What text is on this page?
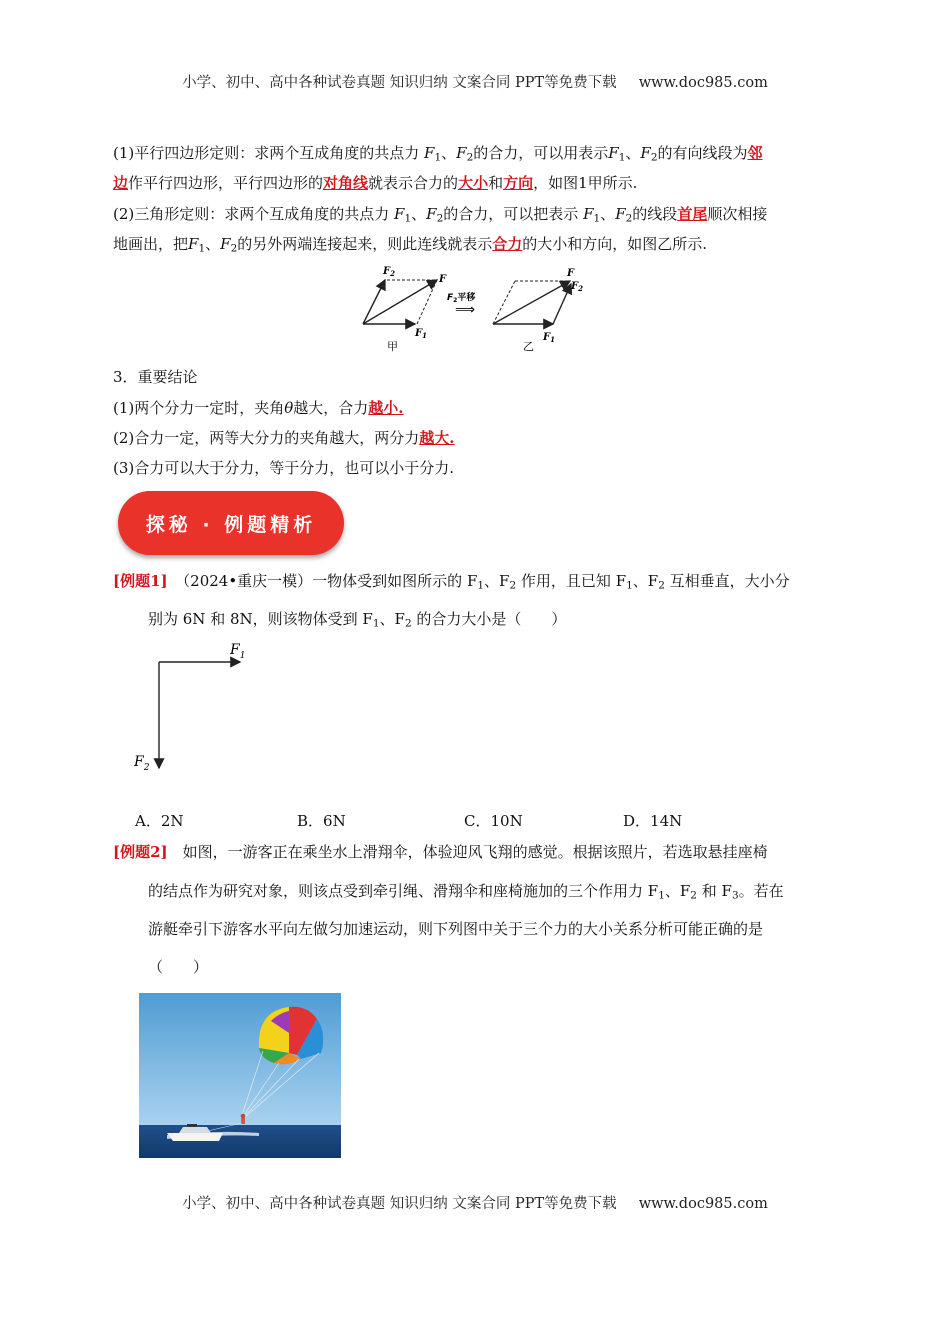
小学、初中、高中各种试卷真题 知识归纳 文案合同 PPT等免费下载 www.doc985.com
(1)平行四边形定则：求两个互成角度的共点力 $F_1$、$F_2$的合力，可以用表示$F_1$、$F_2$的有向线段为邻
边作平行四边形，平行四边形的对角线就表示合力的大小和方向，如图1甲所示.
(2)三角形定则：求两个互成角度的共点力 $F_1$、$F_2$的合力，可以把表示 $F_1$、$F_2$的线段首尾顺次相接
地画出，把$F_1$、$F_2$的另外两端连接起来，则此连线就表示合力的大小和方向，如图乙所示.
$F_2$
F
$F_1$
甲
$F_2$平移
⟹
F
$F_2$
$F_1$
乙
3．重要结论
(1)两个分力一定时，夹角θ越大，合力越小.
(2)合力一定，两等大分力的夹角越大，两分力越大.
(3)合力可以大于分力，等于分力，也可以小于分力.
探秘 · 例题精析
[例题1]　 （2024•重庆一模）一物体受到如图所示的 $F_1$、$F_2$ 作用，且已知 $F_1$、$F_2$ 互相垂直，大小分
别为 6N 和 8N，则该物体受到 $F_1$、$F_2$ 的合力大小是（　　）
$F_1$
$F_2$
A．2N	B．6N	C．10N	D．14N
[例题2]　 如图，一游客正在乘坐水上滑翔伞，体验迎风飞翔的感觉。根据该照片，若选取悬挂座椅
的结点作为研究对象，则该点受到牵引绳、滑翔伞和座椅施加的三个作用力 $F_1$、$F_2$ 和 $F_3$。若在
游艇牵引下游客水平向左做匀加速运动，则下列图中关于三个力的大小关系分析可能正确的是
（　　）
小学、初中、高中各种试卷真题 知识归纳 文案合同 PPT等免费下载 www.doc985.com
